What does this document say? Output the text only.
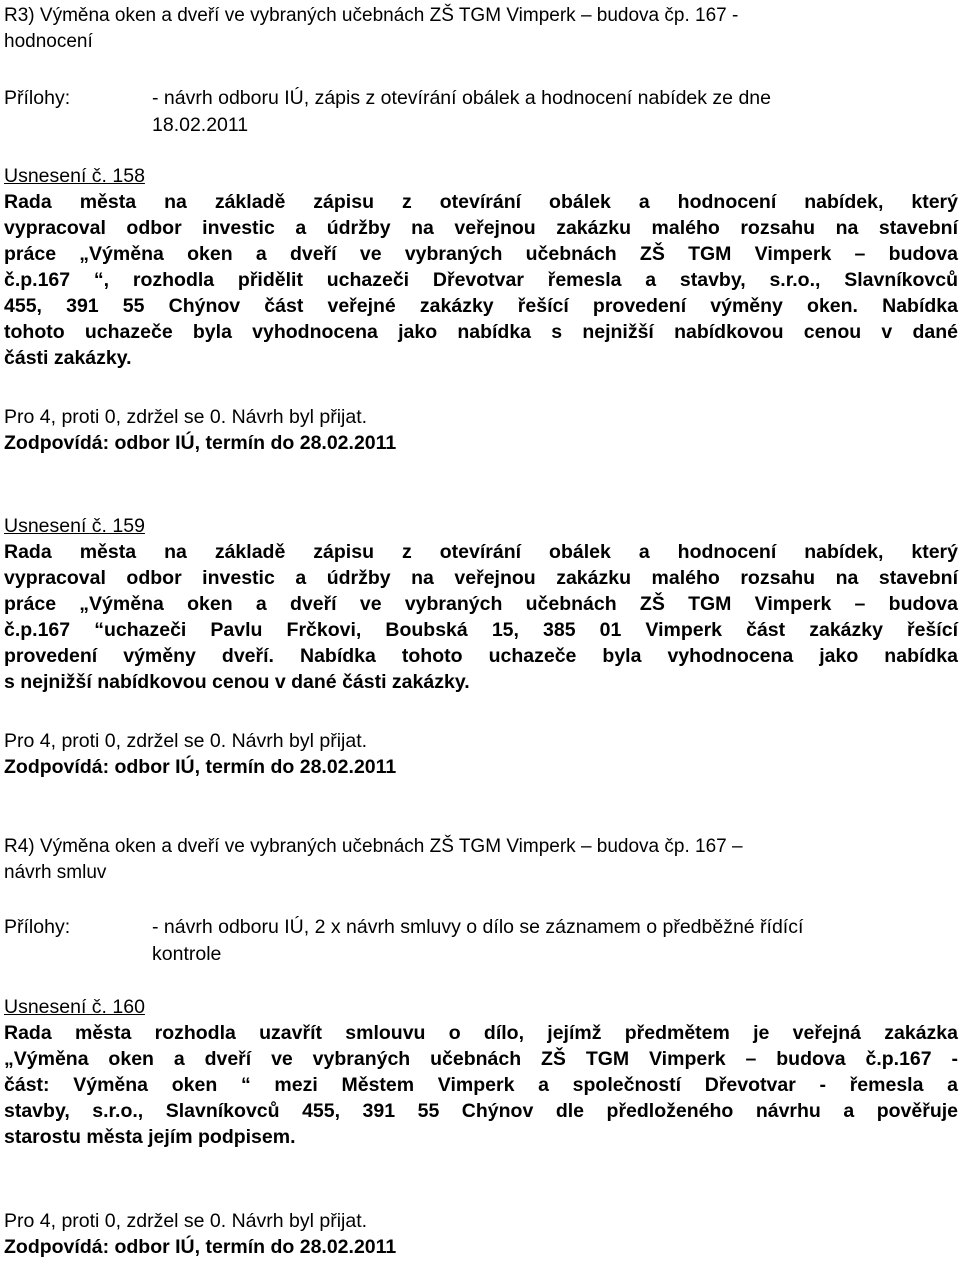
R3) Výměna oken a dveří ve vybraných učebnách ZŠ TGM Vimperk – budova čp. 167 -
hodnocení
Přílohy:	- návrh odboru IÚ, zápis z otevírání obálek a hodnocení nabídek ze dne
18.02.2011
Usnesení č. 158
Rada města na základě zápisu z otevírání obálek a hodnocení nabídek, který
vypracoval odbor investic a údržby na veřejnou zakázku malého rozsahu na stavební
práce „Výměna oken a dveří ve vybraných učebnách ZŠ TGM Vimperk – budova
č.p.167 “, rozhodla přidělit uchazeči Dřevotvar řemesla a stavby, s.r.o., Slavníkovců
455, 391 55 Chýnov část veřejné zakázky řešící provedení výměny oken. Nabídka
tohoto uchazeče byla vyhodnocena jako nabídka s nejnižší nabídkovou cenou v dané
části zakázky.
Pro 4, proti 0, zdržel se 0. Návrh byl přijat.
Zodpovídá: odbor IÚ, termín do 28.02.2011
Usnesení č. 159
Rada města na základě zápisu z otevírání obálek a hodnocení nabídek, který
vypracoval odbor investic a údržby na veřejnou zakázku malého rozsahu na stavební
práce „Výměna oken a dveří ve vybraných učebnách ZŠ TGM Vimperk – budova
č.p.167 “uchazeči Pavlu Frčkovi, Boubská 15, 385 01 Vimperk část zakázky řešící
provedení výměny dveří. Nabídka tohoto uchazeče byla vyhodnocena jako nabídka
s nejnižší nabídkovou cenou v dané části zakázky.
Pro 4, proti 0, zdržel se 0. Návrh byl přijat.
Zodpovídá: odbor IÚ, termín do 28.02.2011
R4) Výměna oken a dveří ve vybraných učebnách ZŠ TGM Vimperk – budova čp. 167 –
návrh smluv
Přílohy:	- návrh odboru IÚ, 2 x návrh smluvy o dílo se záznamem o předběžné řídící
kontrole
Usnesení č. 160
Rada města rozhodla uzavřít smlouvu o dílo, jejímž předmětem je veřejná zakázka
„Výměna oken a dveří ve vybraných učebnách ZŠ TGM Vimperk – budova č.p.167 -
část: Výměna oken “ mezi Městem Vimperk a společností Dřevotvar - řemesla a
stavby, s.r.o., Slavníkovců 455, 391 55 Chýnov dle předloženého návrhu a pověřuje
starostu města jejím podpisem.
Pro 4, proti 0, zdržel se 0. Návrh byl přijat.
Zodpovídá: odbor IÚ, termín do 28.02.2011
